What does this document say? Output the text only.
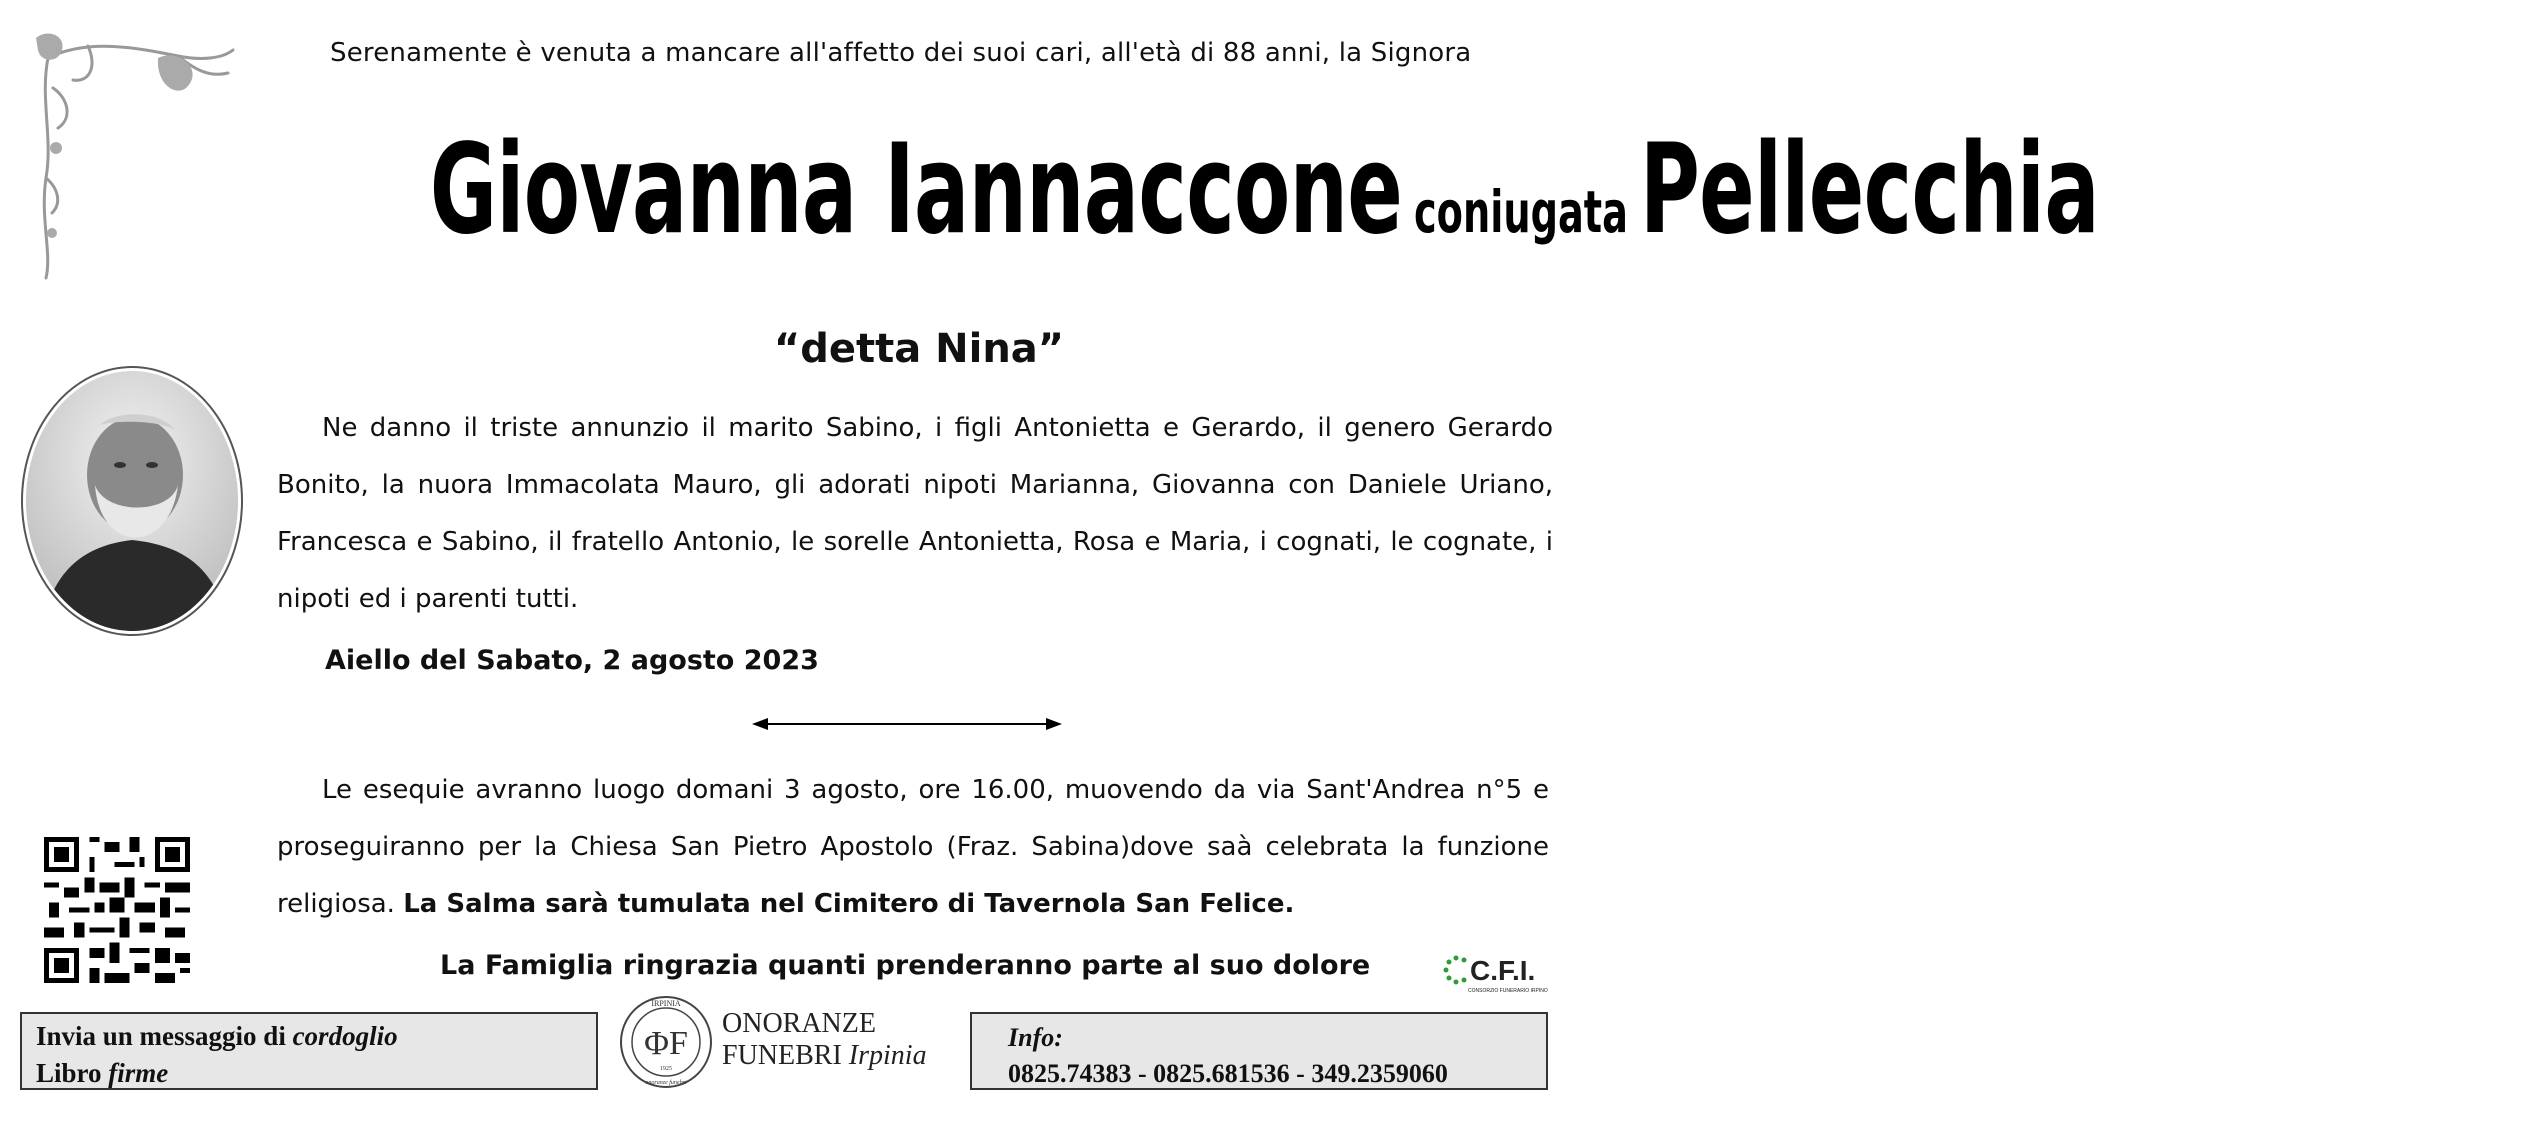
Serenamente è venuta a mancare all'affetto dei suoi cari, all'età di 88 anni, la Signora
Giovanna Iannaccone coniugataPellecchia
“detta Nina”
Ne danno il triste annunzio il marito Sabino, i figli Antonietta e Gerardo, il genero Gerardo Bonito, la nuora Immacolata Mauro, gli adorati nipoti Marianna, Giovanna con Daniele Uriano, Francesca e Sabino, il fratello Antonio, le sorelle Antonietta, Rosa e Maria, i cognati, le cognate, i nipoti ed i parenti tutti.
Aiello del Sabato, 2 agosto 2023
Le esequie avranno luogo domani 3 agosto, ore 16.00, muovendo da via Sant'Andrea n°5 e proseguiranno per la Chiesa San Pietro Apostolo (Fraz. Sabina)dove saà celebrata la funzione religiosa. La Salma sarà tumulata nel Cimitero di Tavernola San Felice.
La Famiglia ringrazia quanti prenderanno parte al suo dolore	C.F.I.
CONSORZIO FUNERARIO IRPINO
Invia un messaggio di cordoglio
Libro firme
IRPINIA
ΦF
1925
onoranze funebri
ONORANZE
FUNEBRI Irpinia
Info:
0825.74383 - 0825.681536 - 349.2359060
